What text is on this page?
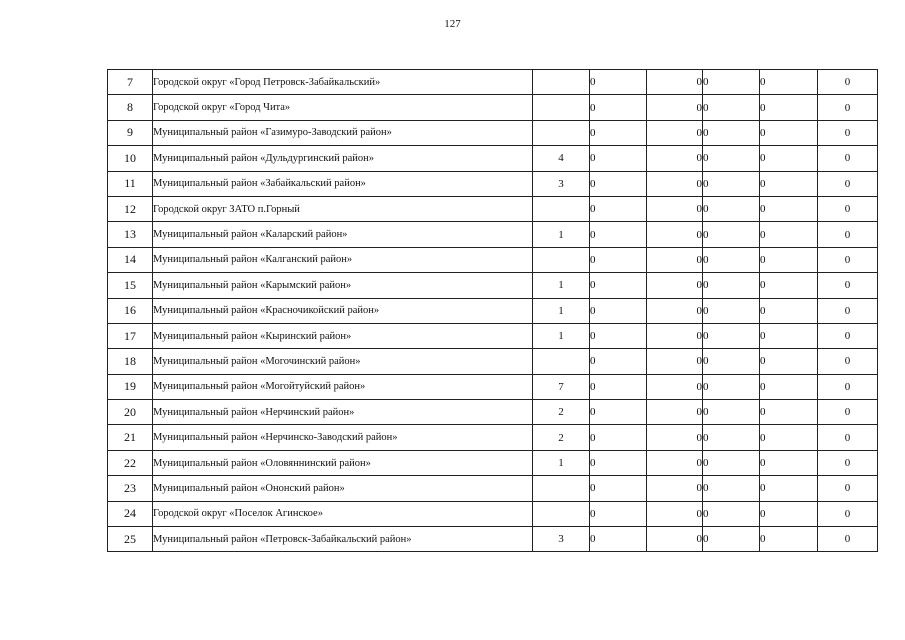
127
7	Городской округ «Город Петровск-Забайкальский»		0	0	0	0	0
8	Городской округ «Город Чита»		0	0	0	0	0
9	Муниципальный район «Газимуро-Заводский район»		0	0	0	0	0
10	Муниципальный район «Дульдургинский район»	4	0	0	0	0	0
11	Муниципальный район «Забайкальский район»	3	0	0	0	0	0
12	Городской округ ЗАТО п.Горный		0	0	0	0	0
13	Муниципальный район «Каларский район»	1	0	0	0	0	0
14	Муниципальный район «Калганский район»		0	0	0	0	0
15	Муниципальный район «Карымский район»	1	0	0	0	0	0
16	Муниципальный район «Красночикойский район»	1	0	0	0	0	0
17	Муниципальный район «Кыринский район»	1	0	0	0	0	0
18	Муниципальный район «Могочинский район»		0	0	0	0	0
19	Муниципальный район «Могойтуйский район»	7	0	0	0	0	0
20	Муниципальный район «Нерчинский район»	2	0	0	0	0	0
21	Муниципальный район «Нерчинско-Заводский район»	2	0	0	0	0	0
22	Муниципальный район «Оловяннинский район»	1	0	0	0	0	0
23	Муниципальный район «Ононский район»		0	0	0	0	0
24	Городской округ «Поселок Агинское»		0	0	0	0	0
25	Муниципальный район «Петровск-Забайкальский район»	3	0	0	0	0	0
